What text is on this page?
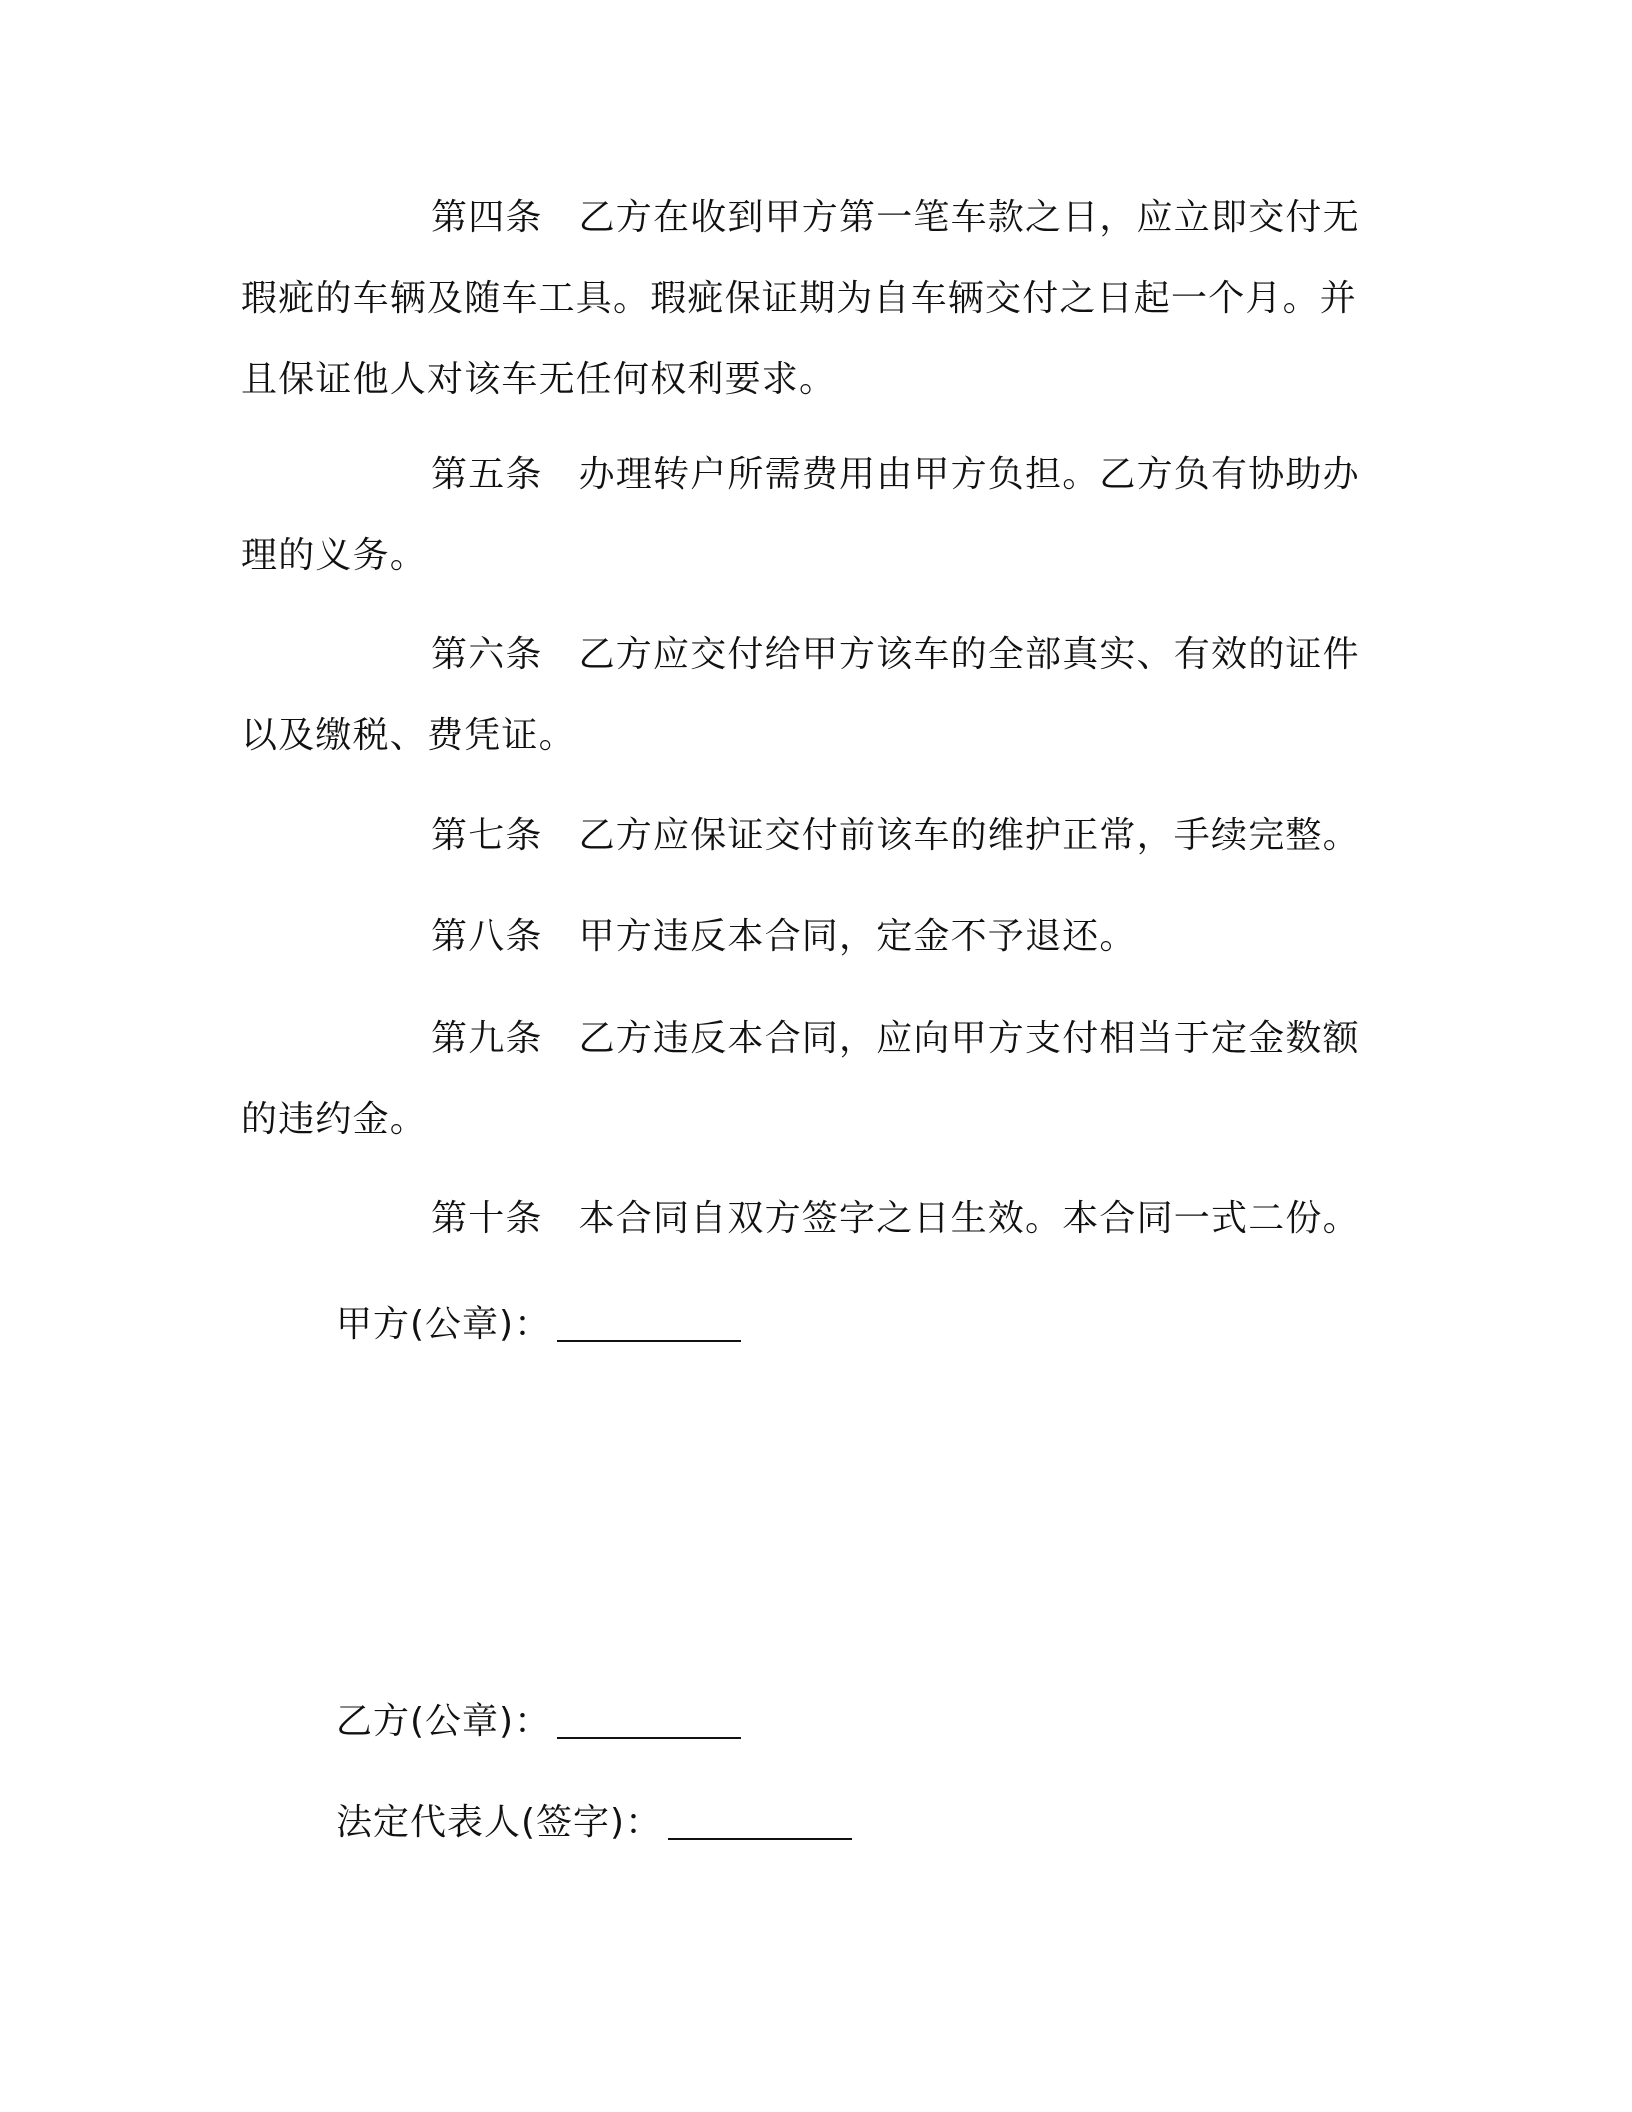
第四条 乙方在收到甲方第一笔车款之日，应立即交付无瑕疵的车辆及随车工具。瑕疵保证期为自车辆交付之日起一个月。并且保证他人对该车无任何权利要求。

第五条 办理转户所需费用由甲方负担。乙方负有协助办理的义务。

第六条 乙方应交付给甲方该车的全部真实、有效的证件以及缴税、费凭证。

第七条 乙方应保证交付前该车的维护正常，手续完整。

第八条 甲方违反本合同，定金不予退还。

第九条 乙方违反本合同，应向甲方支付相当于定金数额的违约金。

第十条 本合同自双方签字之日生效。本合同一式二份。

甲方(公章)：
乙方(公章)：
法定代表人(签字)：
